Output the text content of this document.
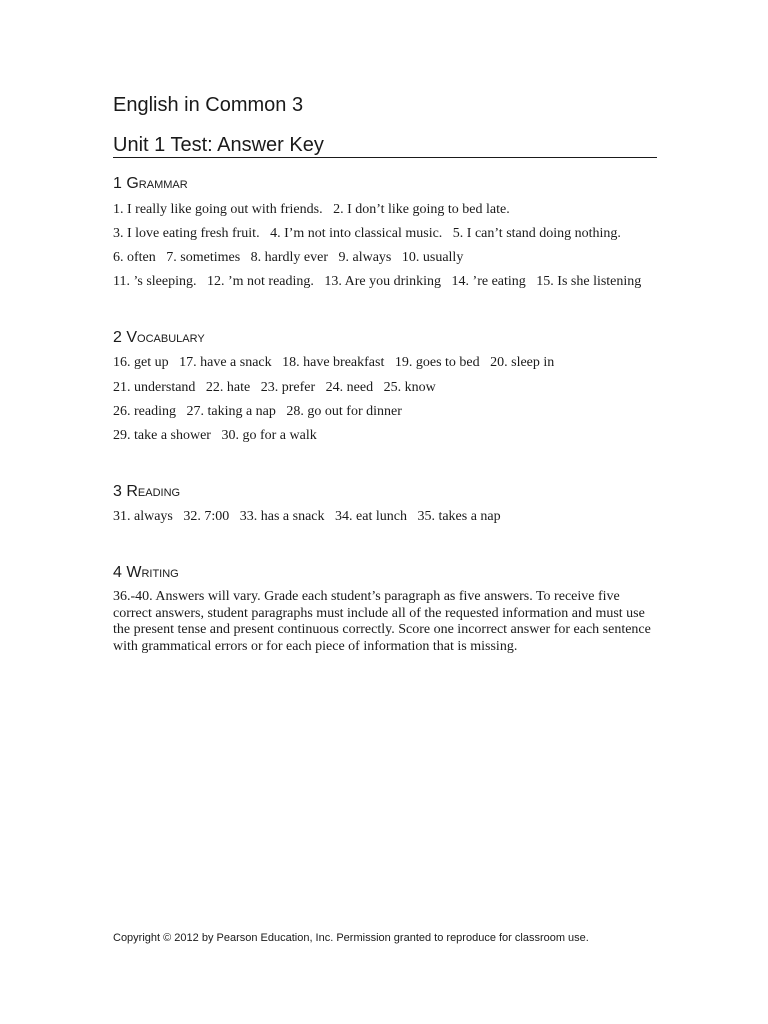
English in Common 3
Unit 1 Test: Answer Key
1 Grammar

1. I really like going out with friends.   2. I don’t like going to bed late.

3. I love eating fresh fruit.   4. I’m not into classical music.   5. I can’t stand doing nothing.

6. often   7. sometimes   8. hardly ever   9. always   10. usually

11. ’s sleeping.   12. ’m not reading.   13. Are you drinking   14. ’re eating   15. Is she listening

2 Vocabulary

16. get up   17. have a snack   18. have breakfast   19. goes to bed   20. sleep in

21. understand   22. hate   23. prefer   24. need   25. know

26. reading   27. taking a nap   28. go out for dinner

29. take a shower   30. go for a walk

3 Reading

31. always   32. 7:00   33. has a snack   34. eat lunch   35. takes a nap

4 Writing

36.-40. Answers will vary. Grade each student’s paragraph as five answers. To receive five correct answers, student paragraphs must include all of the requested information and must use the present tense and present continuous correctly. Score one incorrect answer for each sentence with grammatical errors or for each piece of information that is missing.

Copyright © 2012 by Pearson Education, Inc. Permission granted to reproduce for classroom use.
